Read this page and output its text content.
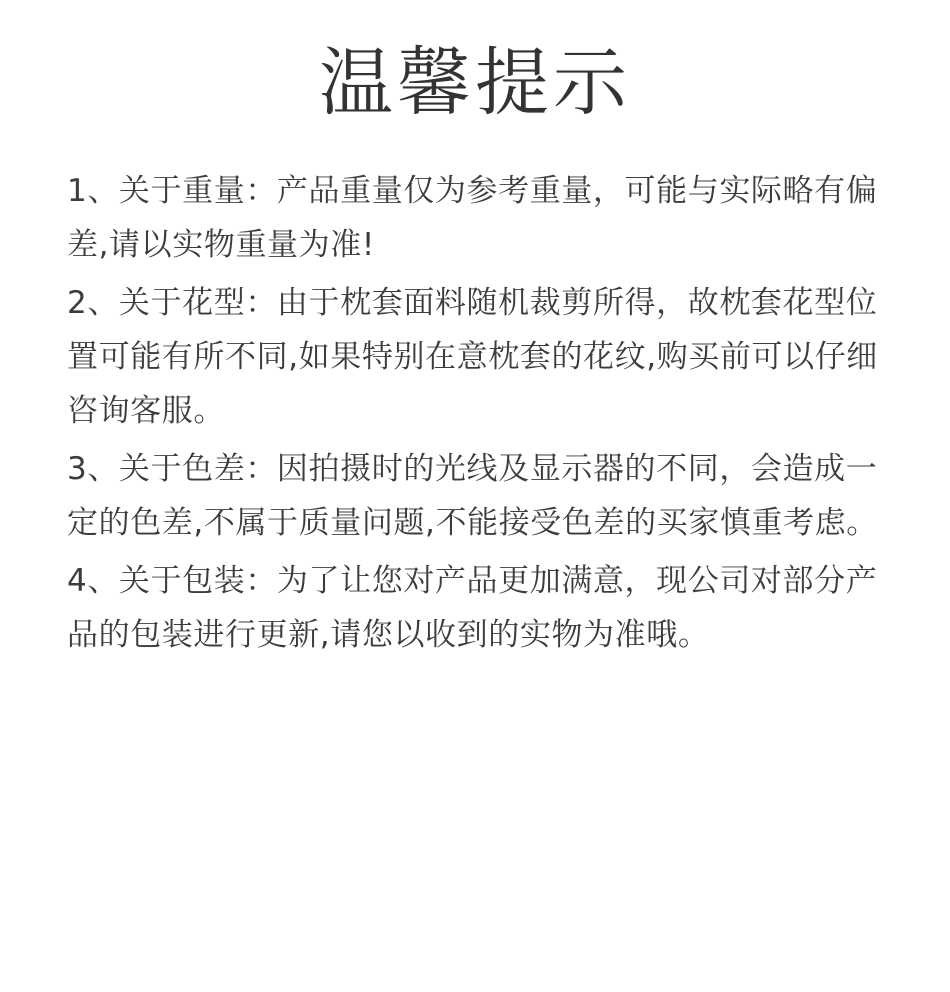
温馨提示

1、关于重量：产品重量仅为参考重量，可能与实际略有偏差,请以实物重量为准!

2、关于花型：由于枕套面料随机裁剪所得，故枕套花型位置可能有所不同,如果特别在意枕套的花纹,购买前可以仔细咨询客服。

3、关于色差：因拍摄时的光线及显示器的不同，会造成一定的色差,不属于质量问题,不能接受色差的买家慎重考虑。

4、关于包装：为了让您对产品更加满意，现公司对部分产品的包装进行更新,请您以收到的实物为准哦。
